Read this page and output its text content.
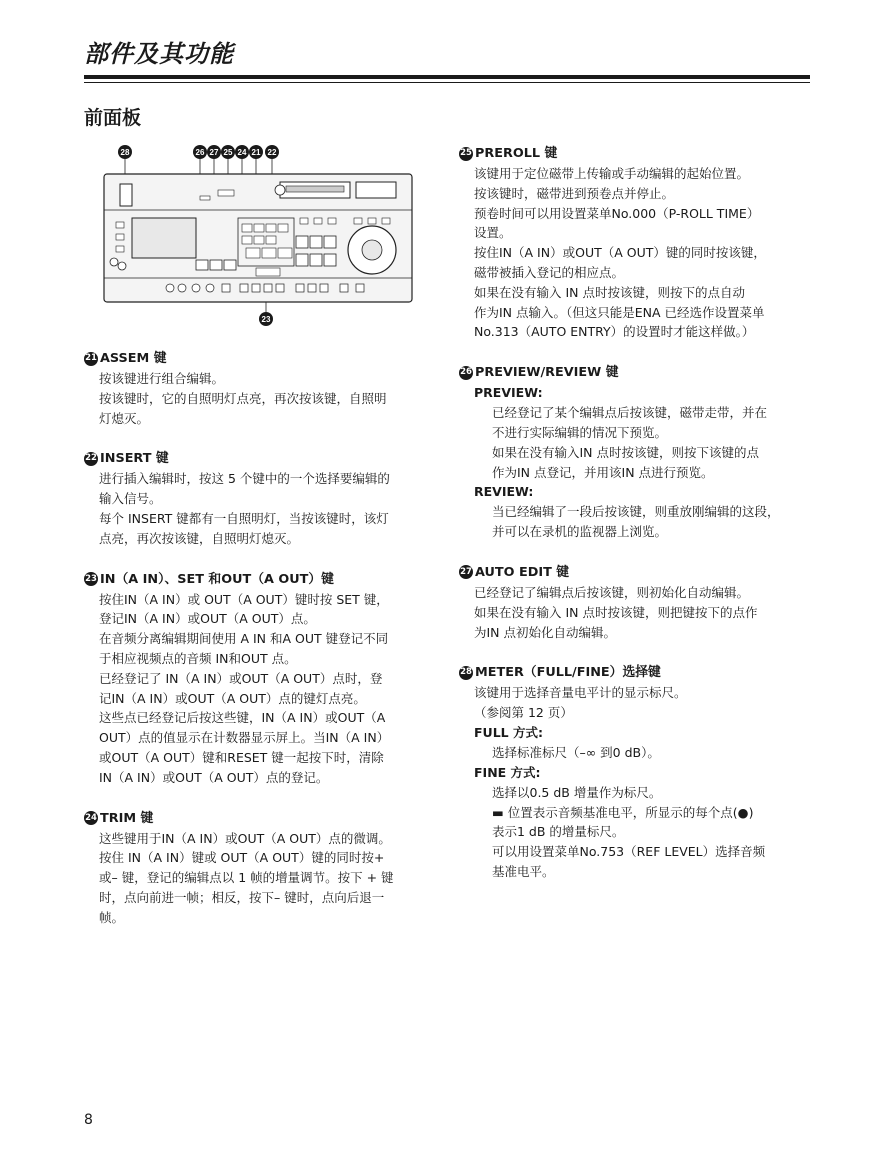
部件及其功能
前面板
28	26 27 25 24 21 22
23
21 ASSEM 键
按该键进行组合编辑。
按该键时，它的自照明灯点亮，再次按该键，自照明
灯熄灭。
22 INSERT 键
进行插入编辑时，按这 5 个键中的一个选择要编辑的
输入信号。
每个 INSERT 键都有一自照明灯，当按该键时，该灯
点亮，再次按该键，自照明灯熄灭。
23 IN（A IN）、SET 和OUT（A OUT）键
按住IN（A IN）或 OUT（A OUT）键时按 SET 键，
登记IN（A IN）或OUT（A OUT）点。
在音频分离编辑期间使用 A IN 和A OUT 键登记不同
于相应视频点的音频 IN和OUT 点。
已经登记了 IN（A IN）或OUT（A OUT）点时，登
记IN（A IN）或OUT（A OUT）点的键灯点亮。
这些点已经登记后按这些键，IN（A IN）或OUT（A
OUT）点的值显示在计数器显示屏上。当IN（A IN）
或OUT（A OUT）键和RESET 键一起按下时，清除
IN（A IN）或OUT（A OUT）点的登记。
24 TRIM 键
这些键用于IN（A IN）或OUT（A OUT）点的微调。
按住 IN（A IN）键或 OUT（A OUT）键的同时按+
或– 键，登记的编辑点以 1 帧的增量调节。按下 + 键
时，点向前进一帧；相反，按下– 键时，点向后退一
帧。
25 PREROLL 键
该键用于定位磁带上传输或手动编辑的起始位置。
按该键时，磁带进到预卷点并停止。
预卷时间可以用设置菜单No.000（P-ROLL TIME）
设置。
按住IN（A IN）或OUT（A OUT）键的同时按该键，
磁带被插入登记的相应点。
如果在没有输入 IN 点时按该键，则按下的点自动
作为IN 点输入。（但这只能是ENA 已经选作设置菜单
No.313（AUTO ENTRY）的设置时才能这样做。）
26 PREVIEW/REVIEW 键
PREVIEW:
已经登记了某个编辑点后按该键，磁带走带，并在
不进行实际编辑的情况下预览。
如果在没有输入IN 点时按该键，则按下该键的点
作为IN 点登记，并用该IN 点进行预览。
REVIEW:
当已经编辑了一段后按该键，则重放刚编辑的这段，
并可以在录机的监视器上浏览。
27 AUTO EDIT 键
已经登记了编辑点后按该键，则初始化自动编辑。
如果在没有输入 IN 点时按该键，则把键按下的点作
为IN 点初始化自动编辑。
28 METER（FULL/FINE）选择键
该键用于选择音量电平计的显示标尺。
（参阅第 12 页）
FULL 方式:
选择标准标尺（–∞ 到0 dB）。
FINE 方式:
选择以0.5 dB 增量作为标尺。
▬ 位置表示音频基准电平，所显示的每个点(●)
表示1 dB 的增量标尺。
可以用设置菜单No.753（REF LEVEL）选择音频
基准电平。
8
